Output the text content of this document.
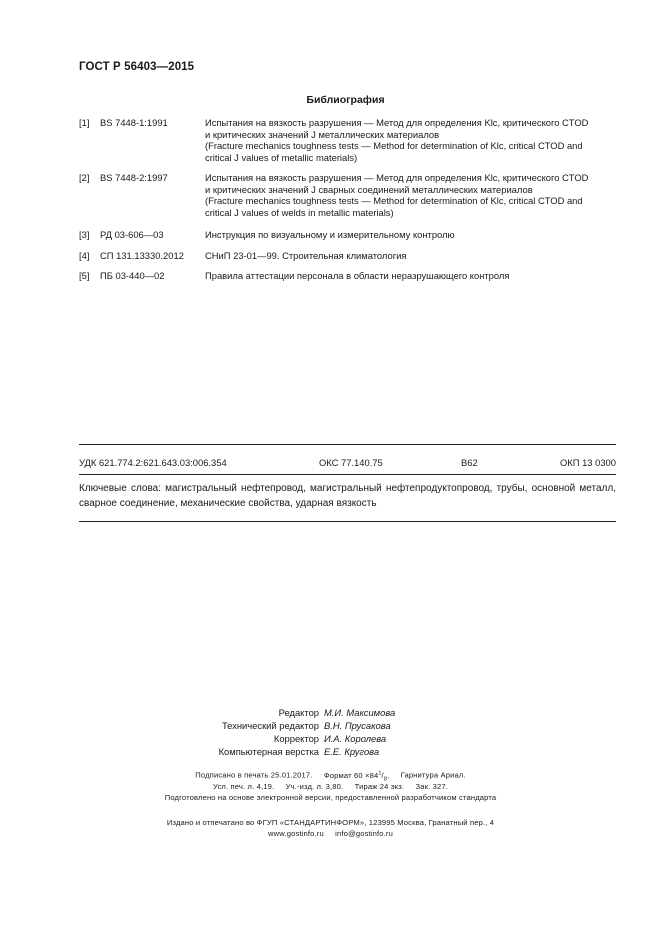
ГОСТ Р 56403—2015
Библиография
[1] BS 7448-1:1991	Испытания на вязкость разрушения — Метод для определения Klc, критического CTOD
и критических значений J металлических материалов
(Fracture mechanics toughness tests — Method for determination of Klc, critical CTOD and
critical J values of metallic materials)
[2] BS 7448-2:1997	Испытания на вязкость разрушения — Метод для определения Klc, критического CTOD
и критических значений J сварных соединений металлических материалов
(Fracture mechanics toughness tests — Method for determination of Klc, critical CTOD and
critical J values of welds in metallic materials)
[3] РД 03-606—03	Инструкция по визуальному и измерительному контролю
[4] СП 131.13330.2012 СНиП 23-01—99. Строительная климатология
[5] ПБ 03-440—02	Правила аттестации персонала в области неразрушающего контроля
УДК 621.774.2:621.643.03:006.354	ОКС 77.140.75	В62	ОКП 13 0300
Ключевые слова: магистральный нефтепровод, магистральный нефтепродуктопровод, трубы, основной металл, сварное соединение, механические свойства, ударная вязкость
Редактор М.И. Максимова
Технический редактор В.Н. Прусакова
Корректор И.А. Королева
Компьютерная верстка Е.Е. Кругова
Подписано в печать 25.01.2017. Формат $60 \times 84^1/_8$. Гарнитура Ариал.
Усл. печ. л. 4,19. Уч.-изд. л. 3,80. Тираж 24 экз. Зак. 327.
Подготовлено на основе электронной версии, предоставленной разработчиком стандарта
Издано и отпечатано во ФГУП «СТАНДАРТИНФОРМ», 123995 Москва, Гранатный пер., 4
www.gostinfo.ru info@gostinfo.ru
